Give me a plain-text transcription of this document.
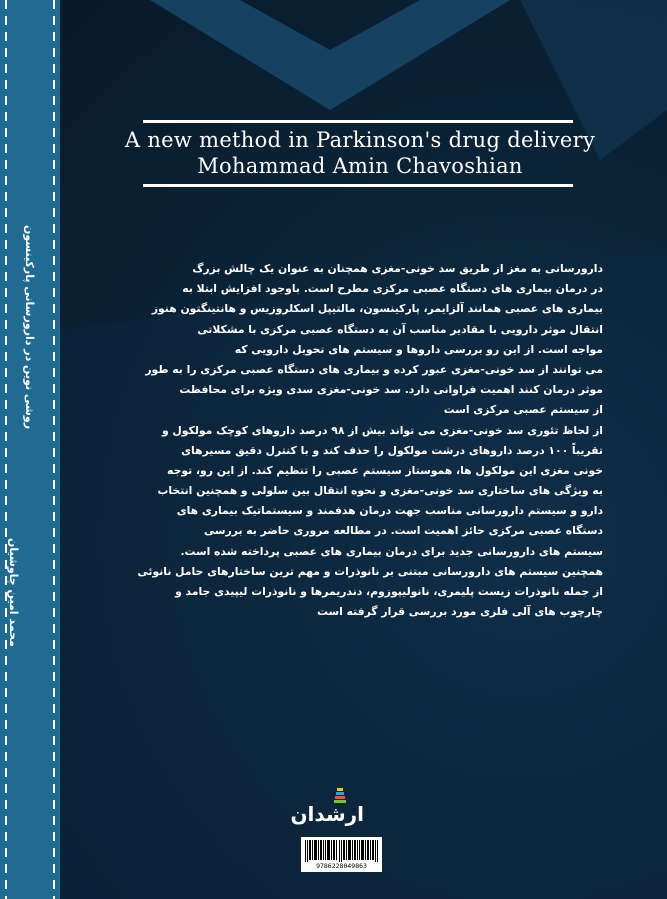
روشی نوین در دارورسانی پارکینسون
محمد امین چاوشیان
A new method in Parkinson's drug delivery
Mohammad Amin Chavoshian
دارورسانی به مغز از طریق سد خونی-مغزی همچنان به عنوان یک چالش بزرگ
در درمان بیماری های دستگاه عصبی مرکزی مطرح است. باوجود افزایش ابتلا به
بیماری های عصبی همانند آلزایمر، پارکینسون، مالتیپل اسکلروزیس و هانتینگتون هنوز
انتقال موثر دارویی با مقادیر مناسب آن به دستگاه عصبی مرکزی با مشکلاتی
مواجه است. از این رو بررسی داروها و سیستم های تحویل دارویی که
می توانند از سد خونی-مغزی عبور کرده و بیماری های دستگاه عصبی مرکزی را به طور
موثر درمان کنند اهمیت فراوانی دارد. سد خونی-مغزی سدی ویژه برای محافظت
از سیستم عصبی مرکزی است
از لحاظ تئوری سد خونی-مغزی می تواند بیش از ۹۸ درصد داروهای کوچک مولکول و
تقریباً ۱۰۰ درصد داروهای درشت مولکول را حذف کند و با کنترل دقیق مسیرهای
خونی مغزی این مولکول ها، هموستاز سیستم عصبی را تنظیم کند. از این رو، توجه
به ویژگی های ساختاری سد خونی-مغزی و نحوه انتقال بین سلولی و همچنین انتخاب
دارو و سیستم دارورسانی مناسب جهت درمان هدفمند و سیستماتیک بیماری های
دستگاه عصبی مرکزی حائز اهمیت است. در مطالعه مروری حاضر به بررسی
سیستم های دارورسانی جدید برای درمان بیماری های عصبی پرداخته شده است.
همچنین سیستم های دارورسانی مبتنی بر نانوذرات و مهم ترین ساختارهای حامل نانوئی
از جمله نانوذرات زیست پلیمری، نانولیپوزوم، دندریمرها و نانوذرات لیپیدی جامد و
چارچوب های آلی فلزی مورد بررسی قرار گرفته است
ارشدان
9786228049863
